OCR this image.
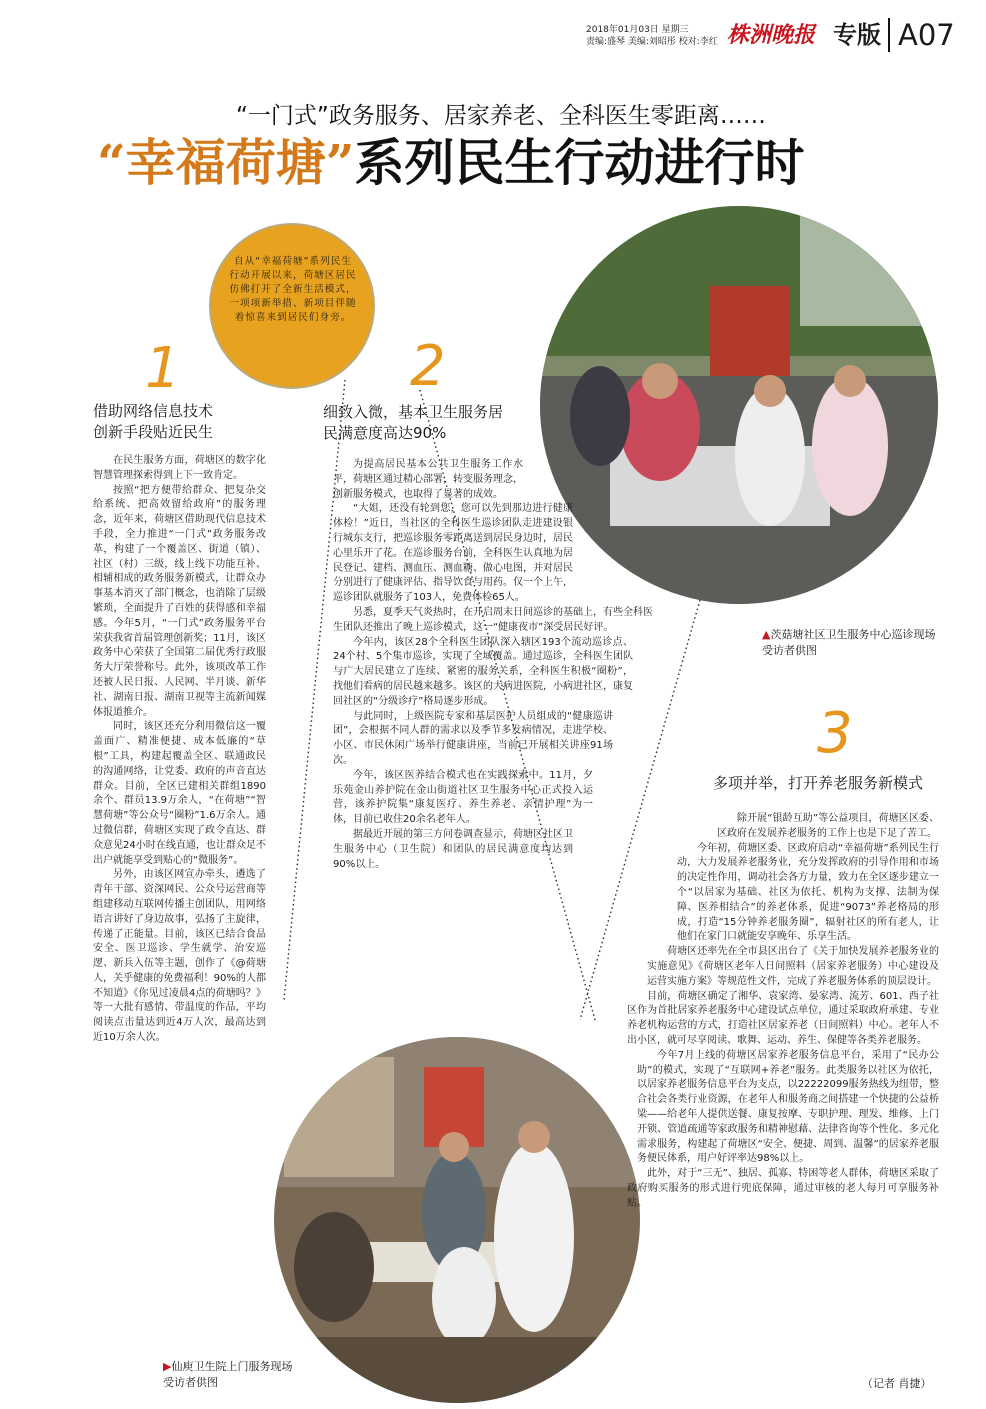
2018年01月03日 星期三
责编:盛琴 美编:刘昭彤 校对:李红 株洲晚报 专版 A07
“一门式”政务服务、居家养老、全科医生零距离……
“幸福荷塘”系列民生行动进行时
自从“幸福荷塘”系列民生行动开展以来，荷塘区居民仿佛打开了全新生活模式，一项项新举措、新项目伴随着惊喜来到居民们身旁。
1
借助网络信息技术
创新手段贴近民生
2
细致入微，基本卫生服务居
民满意度高达90%
3
多项并举，打开养老服务新模式

在民生服务方面，荷塘区的数字化智慧管理探索得到上下一致肯定。

按照“把方便带给群众、把复杂交给系统、把高效留给政府”的服务理念，近年来，荷塘区借助现代信息技术手段，全力推进“一门式”政务服务改革，构建了一个覆盖区、街道（镇）、社区（村）三级，线上线下功能互补、相辅相成的政务服务新模式，让群众办事基本消灭了部门概念，也消除了层级繁琐，全面提升了百姓的获得感和幸福感。今年5月，“一门式”政务服务平台荣获我省首届管理创新奖；11月，该区政务中心荣获了全国第二届优秀行政服务大厅荣誉称号。此外，该项改革工作还被人民日报、人民网、半月谈、新华社、湖南日报、湖南卫视等主流新闻媒体报道推介。

同时，该区还充分利用微信这一覆盖面广、精准便捷、成本低廉的“草根”工具，构建起覆盖全区、联通政民的沟通网络，让党委、政府的声音直达群众。目前，全区已建相关群组1890余个、群员13.9万余人，“在荷塘”“智慧荷塘”等公众号“圈粉”1.6万余人。通过微信群，荷塘区实现了政令直达、群众意见24小时在线直通，也让群众足不出户就能享受到贴心的“微服务”。

另外，由该区网宣办牵头，遴选了青年干部、资深网民、公众号运营商等组建移动互联网传播主创团队，用网络语言讲好了身边故事，弘扬了主旋律，传递了正能量。目前，该区已结合食品安全、医卫巡诊、学生就学、治安巡逻、新兵入伍等主题，创作了《@荷塘人，关乎健康的免费福利！90%的人都不知道》《你见过凌晨4点的荷塘吗？》等一大批有感情、带温度的作品，平均阅读点击量达到近4万人次，最高达到近10万余人次。

为提高居民基本公共卫生服务工作水平，荷塘区通过精心部署，转变服务理念，创新服务模式，也取得了显著的成效。

“大姐，还没有轮到您，您可以先到那边进行健康体检！”近日，当社区的全科医生巡诊团队走进建设银行城东支行，把巡诊服务零距离送到居民身边时，居民心里乐开了花。在巡诊服务台前，全科医生认真地为居民登记、建档、测血压、测血糖、做心电图，并对居民分别进行了健康评估、指导饮食与用药。仅一个上午，巡诊团队就服务了103人，免费体检65人。

另悉，夏季天气炎热时，在开启周末日间巡诊的基础上，有些全科医生团队还推出了晚上巡诊模式，这一“健康夜市”深受居民好评。

今年内，该区28个全科医生团队深入辖区193个流动巡诊点、24个村、5个集市巡诊，实现了全域覆盖。通过巡诊，全科医生团队与广大居民建立了连续、紧密的服务关系，全科医生积极“圈粉”，找他们看病的居民越来越多。该区的大病进医院，小病进社区，康复回社区的“分级诊疗”格局逐步形成。

与此同时，上级医院专家和基层医护人员组成的“健康巡讲团”，会根据不同人群的需求以及季节多发病情况，走进学校、小区、市民休闲广场举行健康讲座，当前已开展相关讲座91场次。

今年，该区医养结合模式也在实践探索中。11月，夕乐苑金山养护院在金山街道社区卫生服务中心正式投入运营，该养护院集“康复医疗、养生养老、亲情护理”为一体，目前已收住20余名老年人。

据最近开展的第三方问卷调查显示，荷塘区社区卫生服务中心（卫生院）和团队的居民满意度均达到90%以上。

除开展“银龄互助”等公益项目，荷塘区区委、区政府在发展养老服务的工作上也是下足了苦工。

今年初，荷塘区委、区政府启动“幸福荷塘”系列民生行动，大力发展养老服务业，充分发挥政府的引导作用和市场的决定性作用，调动社会各方力量，致力在全区逐步建立一个“以居家为基础、社区为依托、机构为支撑、法制为保障、医养相结合”的养老体系，促进“9073”养老格局的形成，打造“15分钟养老服务圈”，辐射社区的所有老人，让他们在家门口就能安享晚年、乐享生活。

荷塘区还率先在全市县区出台了《关于加快发展养老服务业的实施意见》《荷塘区老年人日间照料（居家养老服务）中心建设及运营实施方案》等规范性文件，完成了养老服务体系的顶层设计。

目前，荷塘区确定了湘华、袁家湾、晏家湾、流芳、601、西子社区作为首批居家养老服务中心建设试点单位，通过采取政府承建、专业养老机构运营的方式，打造社区居家养老（日间照料）中心。老年人不出小区，就可尽享阅读、歌舞、运动、养生、保健等各类养老服务。

今年7月上线的荷塘区居家养老服务信息平台，采用了“民办公助”的模式，实现了“互联网+养老”服务。此类服务以社区为依托，以居家养老服务信息平台为支点，以22222099服务热线为纽带，整合社会各类行业资源，在老年人和服务商之间搭建一个快捷的公益桥梁——给老年人提供送餐、康复按摩、专职护理、理发、维修、上门开锁、管道疏通等家政服务和精神慰藉、法律咨询等个性化、多元化需求服务，构建起了荷塘区“安全、便捷、周到、温馨”的居家养老服务便民体系，用户好评率达98%以上。

此外，对于“三无”、独居、孤寡、特困等老人群体，荷塘区采取了政府购买服务的形式进行兜底保障，通过审核的老人每月可享服务补贴。

▲茨菇塘社区卫生服务中心巡诊现场　受访者供图
▶仙庾卫生院上门服务现场　受访者供图	（记者 肖捷）
